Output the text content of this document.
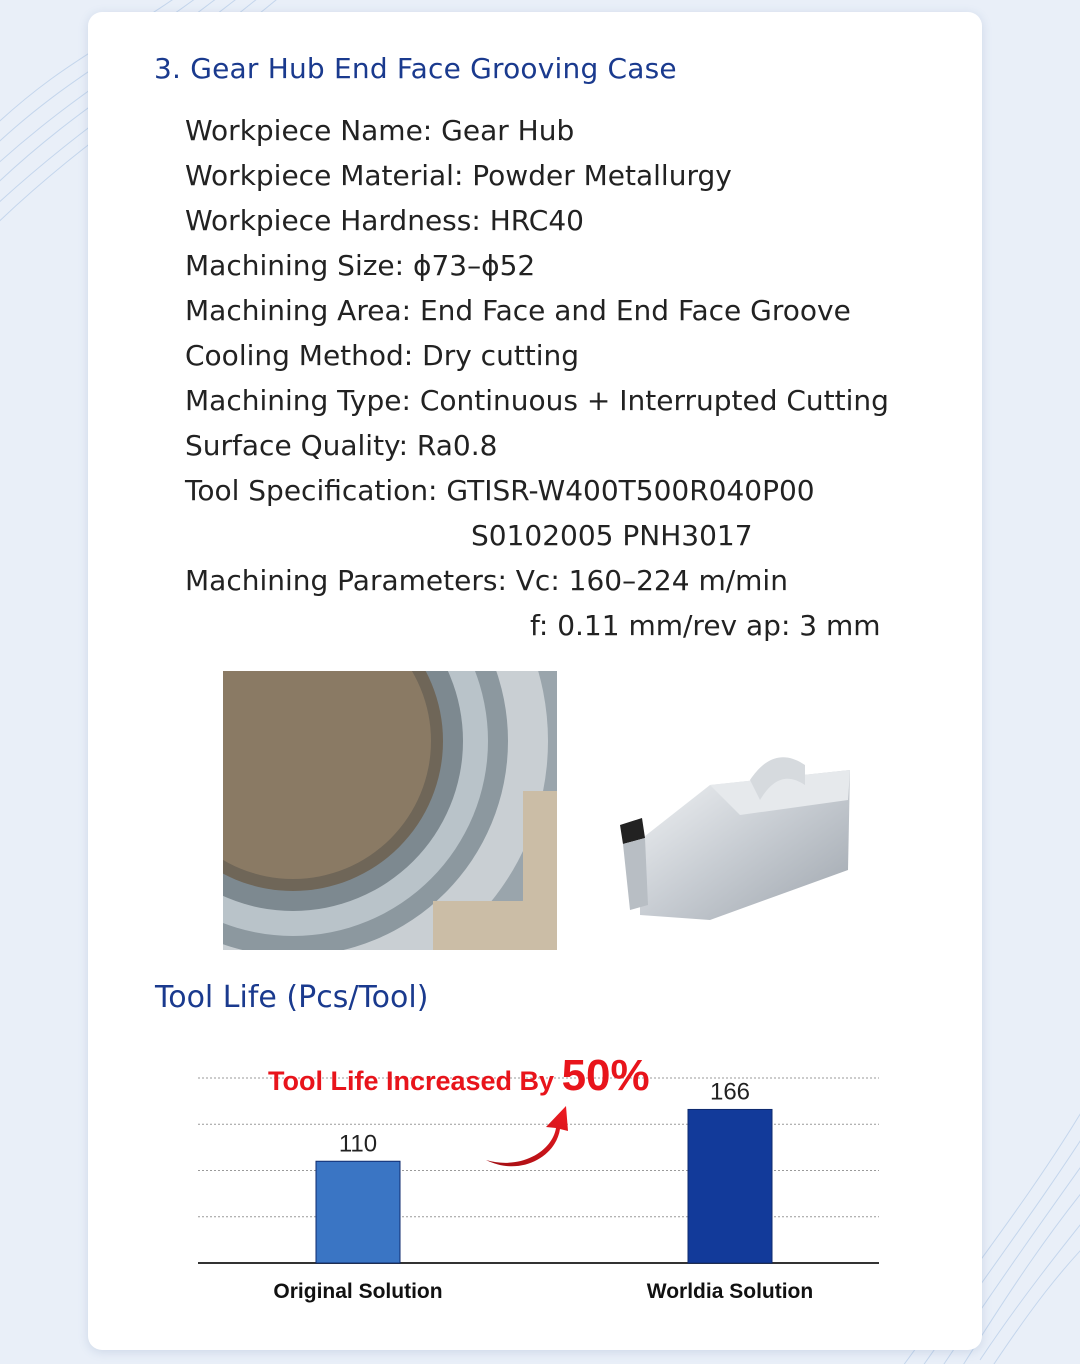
3. Gear Hub End Face Grooving Case

Workpiece Name: Gear Hub

Workpiece Material: Powder Metallurgy

Workpiece Hardness: HRC40

Machining Size: ϕ73–ϕ52

Machining Area: End Face and End Face Groove

Cooling Method: Dry cutting

Machining Type: Continuous + Interrupted Cutting

Surface Quality: Ra0.8

Tool Specification: GTISR-W400T500R040P00

S0102005 PNH3017

Machining Parameters: Vc: 160–224 m/min

f: 0.11 mm/rev ap: 3 mm

Tool Life (Pcs/Tool)
110
166
Original Solution	Worldia Solution
Tool Life Increased By 50%
